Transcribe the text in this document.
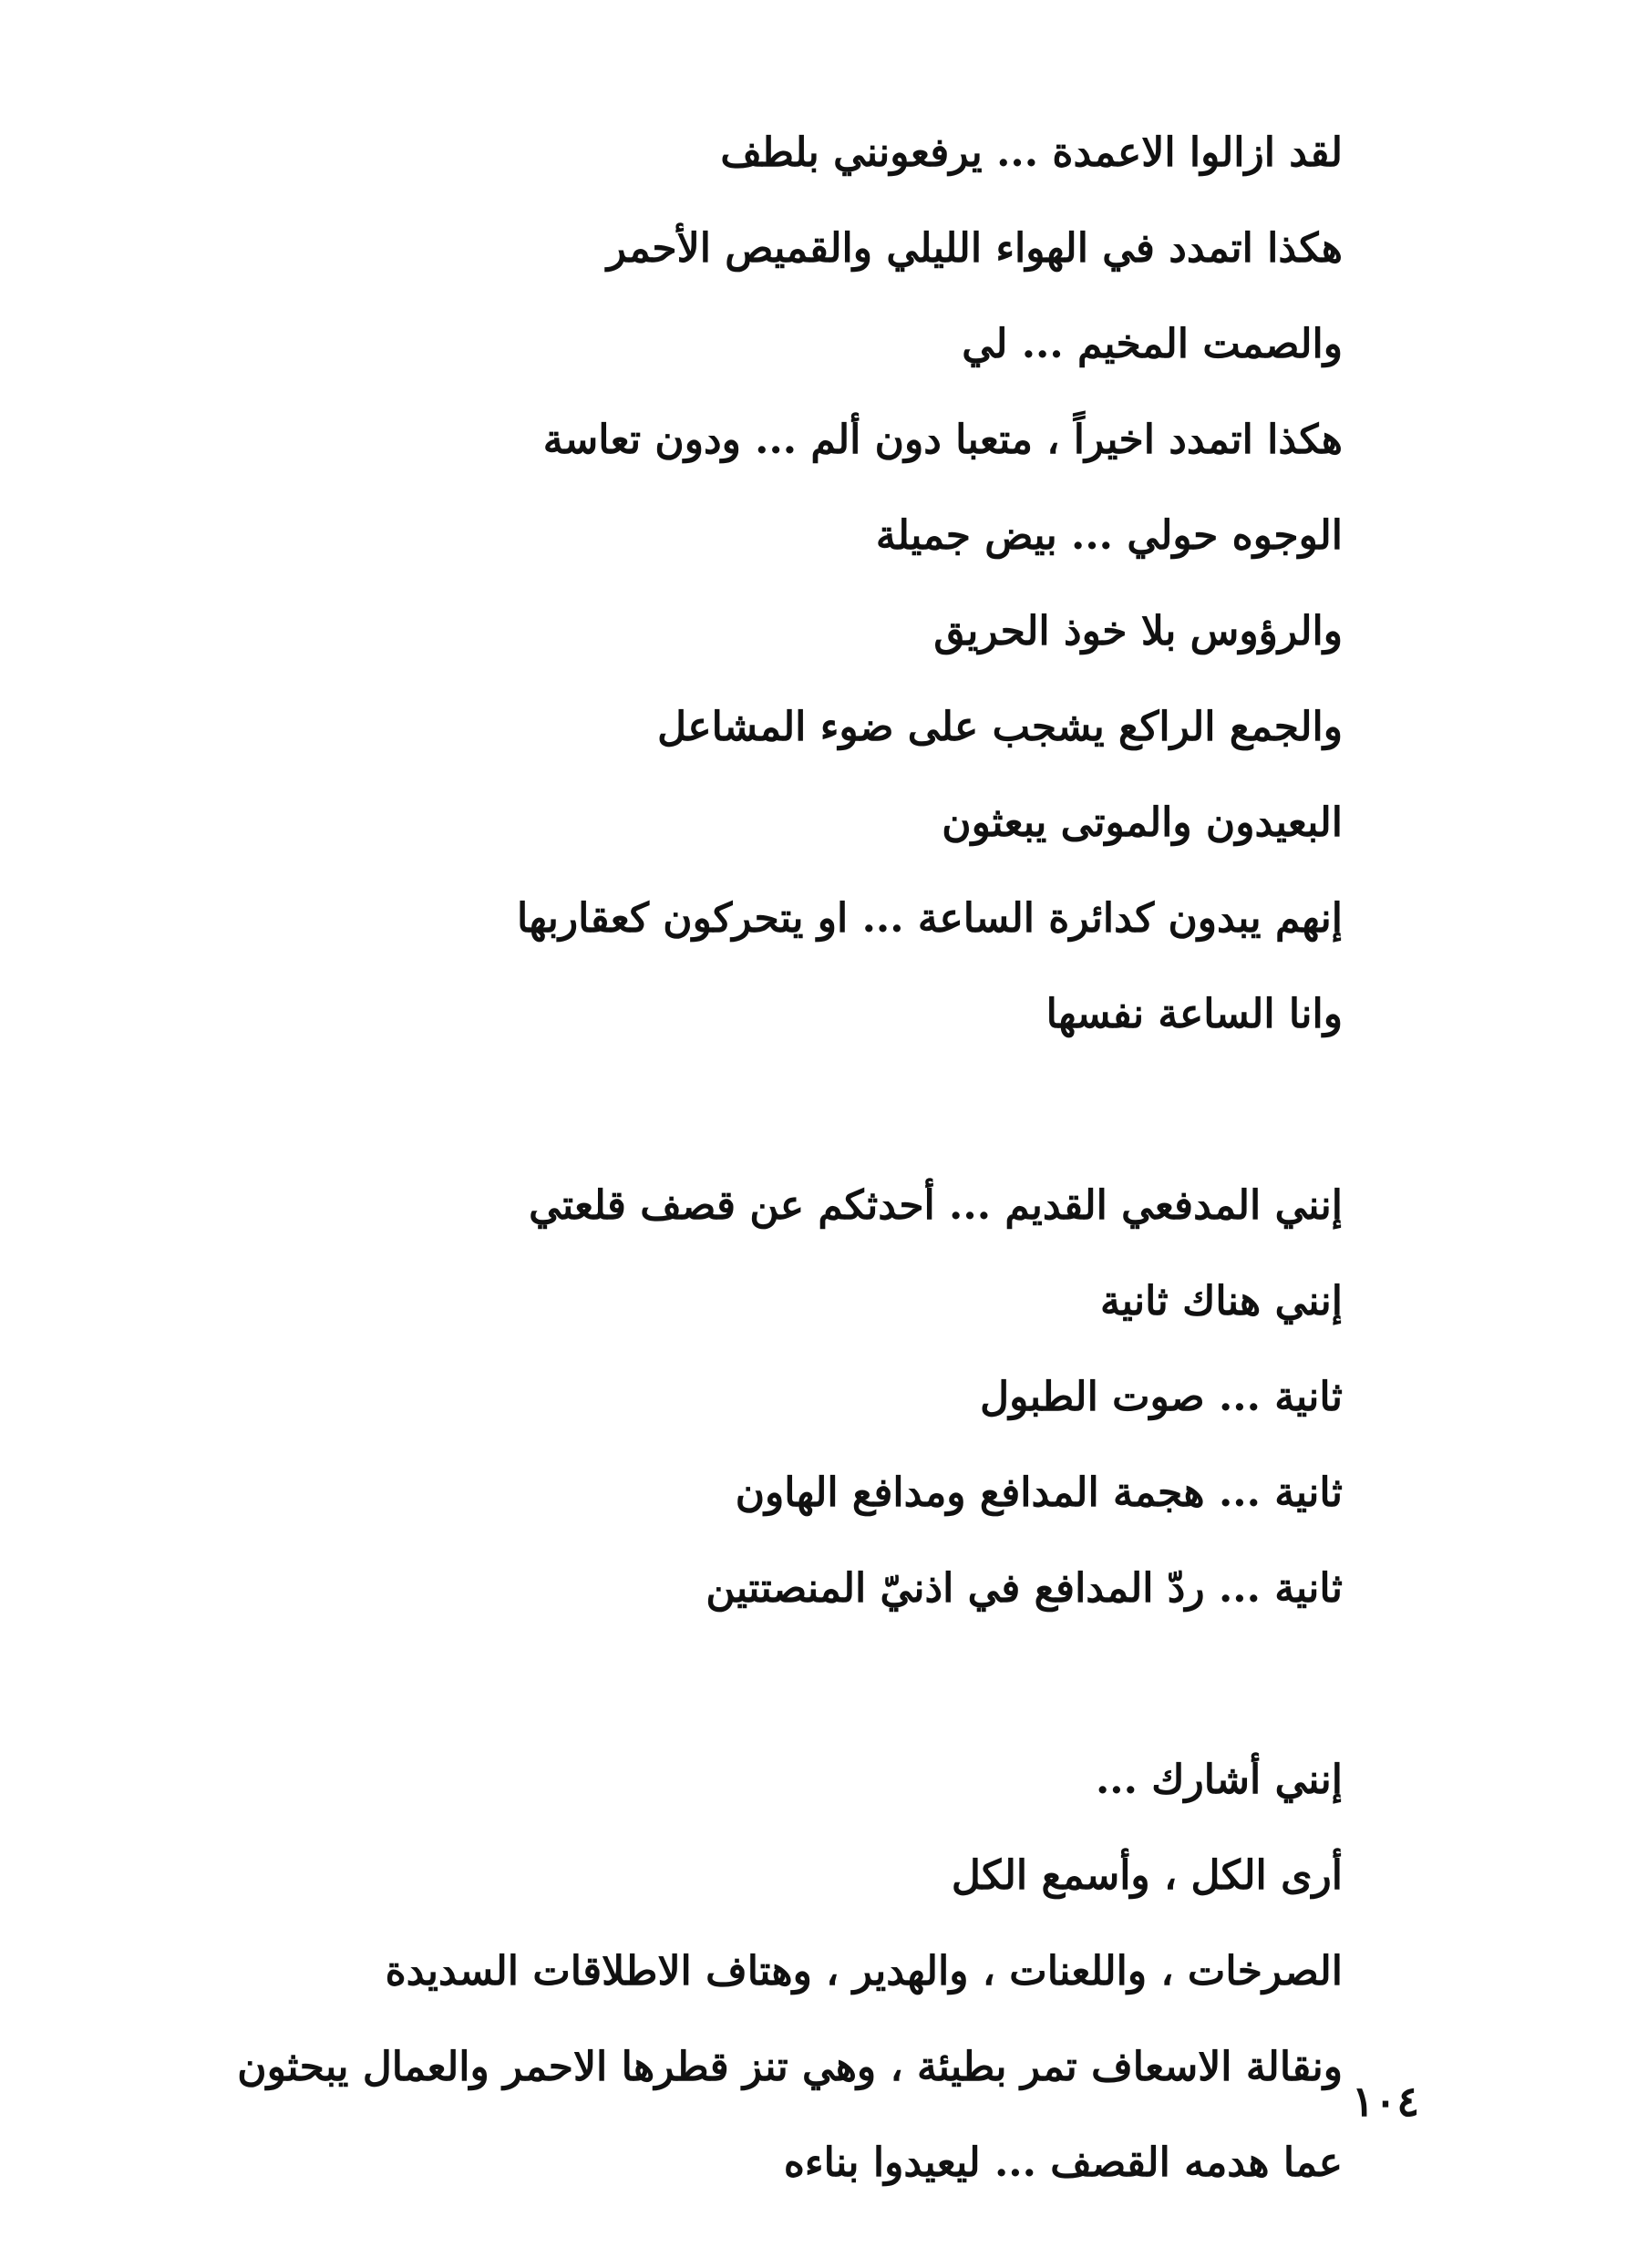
لقد ازالوا الاعمدة ... يرفعونني بلطف
هكذا اتمدد في الهواء الليلي والقميص الأحمر
والصمت المخيم ... لي
هكذا اتمدد اخيراً ، متعبا دون ألم ... ودون تعاسة
الوجوه حولي ... بيض جميلة
والرؤوس بلا خوذ الحريق
والجمع الراكع يشجب على ضوء المشاعل
البعيدون والموتى يبعثون
إنهم يبدون كدائرة الساعة ... او يتحركون كعقاربها
وانا الساعة نفسها
إنني المدفعي القديم ... أحدثكم عن قصف قلعتي
إنني هناك ثانية
ثانية ... صوت الطبول
ثانية ... هجمة المدافع ومدافع الهاون
ثانية ... ردّ المدافع في اذنيّ المنصتتين
إنني أشارك ...
أرى الكل ، وأسمع الكل
الصرخات ، واللعنات ، والهدير ، وهتاف الاطلاقات السديدة
ونقالة الاسعاف تمر بطيئة ، وهي تنز قطرها الاحمر والعمال يبحثون
عما هدمه القصف ... ليعيدوا بناءه
١٠٤
